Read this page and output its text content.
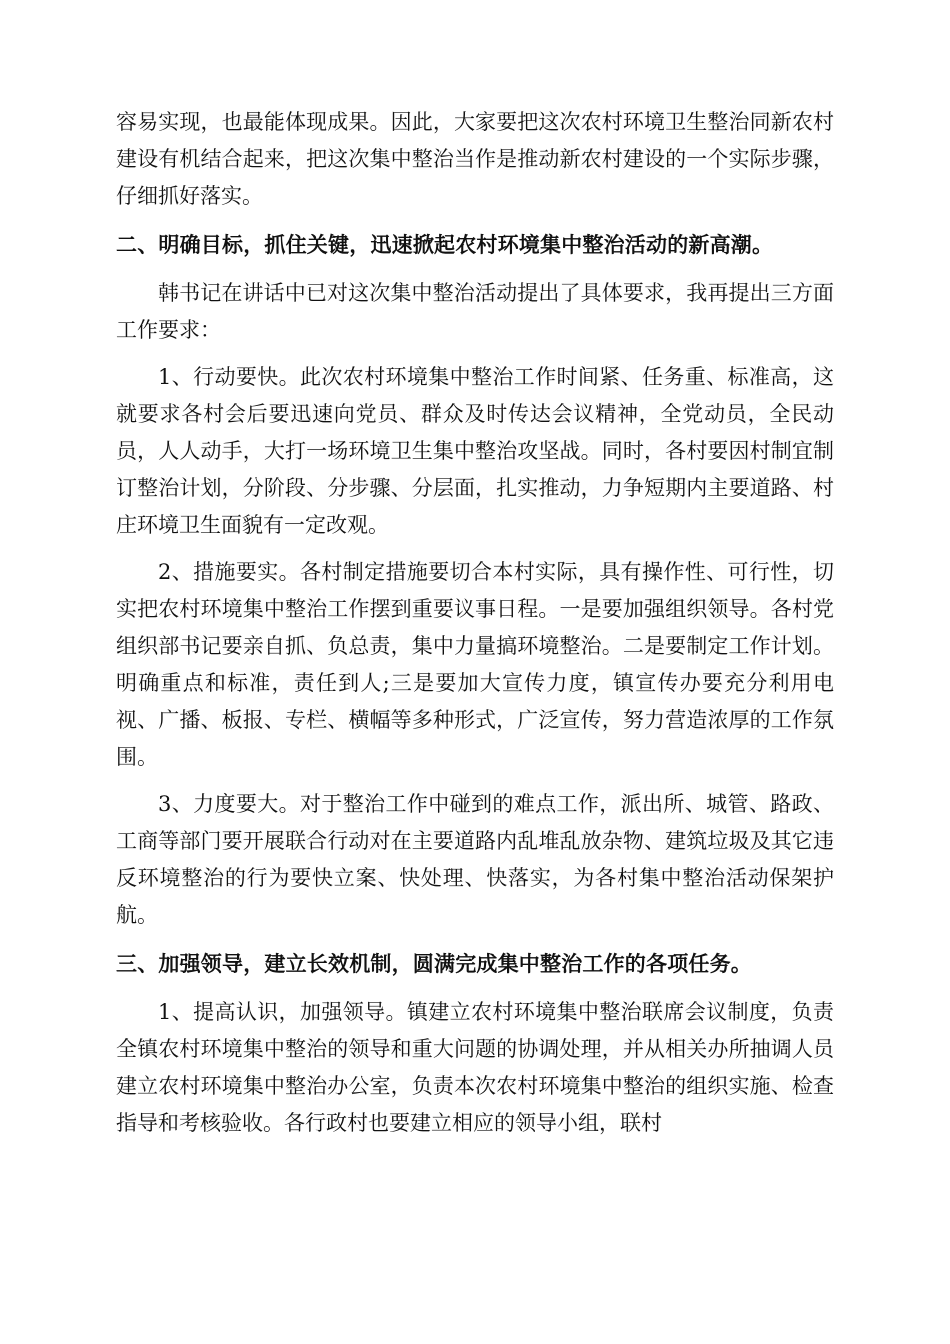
容易实现，也最能体现成果。因此，大家要把这次农村环境卫生整治同新农村建设有机结合起来，把这次集中整治当作是推动新农村建设的一个实际步骤，仔细抓好落实。

二、明确目标，抓住关键，迅速掀起农村环境集中整治活动的新高潮。

韩书记在讲话中已对这次集中整治活动提出了具体要求，我再提出三方面工作要求：

1、行动要快。此次农村环境集中整治工作时间紧、任务重、标准高，这就要求各村会后要迅速向党员、群众及时传达会议精神，全党动员，全民动员，人人动手，大打一场环境卫生集中整治攻坚战。同时，各村要因村制宜制订整治计划，分阶段、分步骤、分层面，扎实推动，力争短期内主要道路、村庄环境卫生面貌有一定改观。

2、措施要实。各村制定措施要切合本村实际，具有操作性、可行性，切实把农村环境集中整治工作摆到重要议事日程。一是要加强组织领导。各村党组织部书记要亲自抓、负总责，集中力量搞环境整治。二是要制定工作计划。明确重点和标准，责任到人;三是要加大宣传力度，镇宣传办要充分利用电视、广播、板报、专栏、横幅等多种形式，广泛宣传，努力营造浓厚的工作氛围。

3、力度要大。对于整治工作中碰到的难点工作，派出所、城管、路政、工商等部门要开展联合行动对在主要道路内乱堆乱放杂物、建筑垃圾及其它违反环境整治的行为要快立案、快处理、快落实，为各村集中整治活动保架护航。

三、加强领导，建立长效机制，圆满完成集中整治工作的各项任务。

1、提高认识，加强领导。镇建立农村环境集中整治联席会议制度，负责全镇农村环境集中整治的领导和重大问题的协调处理，并从相关办所抽调人员建立农村环境集中整治办公室，负责本次农村环境集中整治的组织实施、检查指导和考核验收。各行政村也要建立相应的领导小组，联村
